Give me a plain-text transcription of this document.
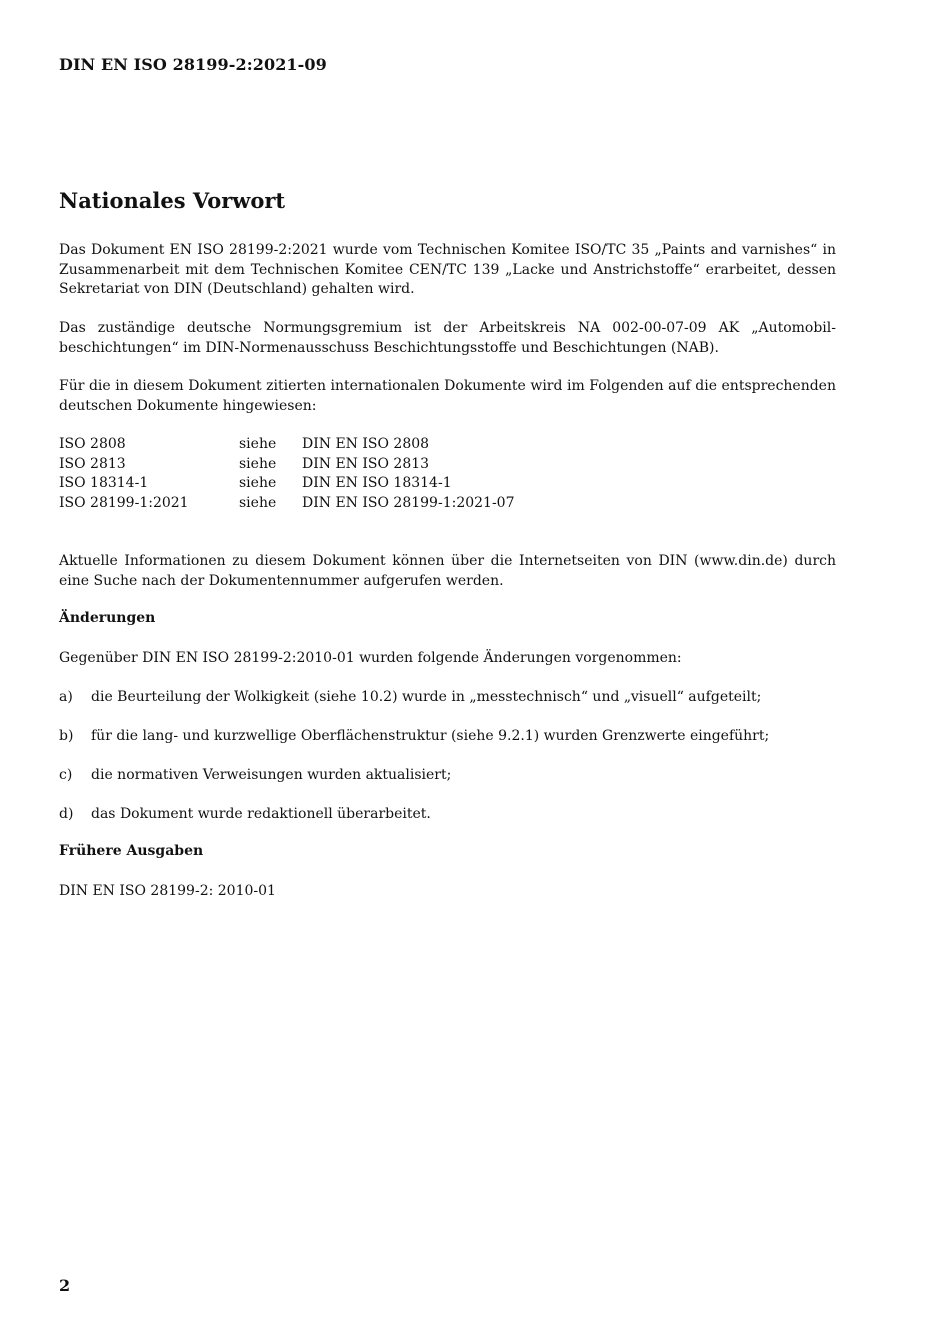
DIN EN ISO 28199-2:2021-09
Nationales Vorwort

Das Dokument EN ISO 28199-2:2021 wurde vom Technischen Komitee ISO/TC 35 „Paints and varnishes“ in Zusammenarbeit mit dem Technischen Komitee CEN/TC 139 „Lacke und Anstrichstoffe“ erarbeitet, dessen Sekretariat von DIN (Deutschland) gehalten wird.

Das zuständige deutsche Normungsgremium ist der Arbeitskreis NA 002-00-07-09 AK „Automobil-beschichtungen“ im DIN-Normenausschuss Beschichtungsstoffe und Beschichtungen (NAB).

Für die in diesem Dokument zitierten internationalen Dokumente wird im Folgenden auf die entsprechenden deutschen Dokumente hingewiesen:

ISO 2808	siehe	DIN EN ISO 2808
ISO 2813	siehe	DIN EN ISO 2813
ISO 18314-1	siehe	DIN EN ISO 18314-1
ISO 28199-1:2021	siehe	DIN EN ISO 28199-1:2021-07

Aktuelle Informationen zu diesem Dokument können über die Internetseiten von DIN (www.din.de) durch eine Suche nach der Dokumentennummer aufgerufen werden.

Änderungen
Gegenüber DIN EN ISO 28199-2:2010-01 wurden folgende Änderungen vorgenommen:
a) die Beurteilung der Wolkigkeit (siehe 10.2) wurde in „messtechnisch“ und „visuell“ aufgeteilt;
b) für die lang- und kurzwellige Oberflächenstruktur (siehe 9.2.1) wurden Grenzwerte eingeführt;
c) die normativen Verweisungen wurden aktualisiert;
d) das Dokument wurde redaktionell überarbeitet.
Frühere Ausgaben
DIN EN ISO 28199-2: 2010-01
2
